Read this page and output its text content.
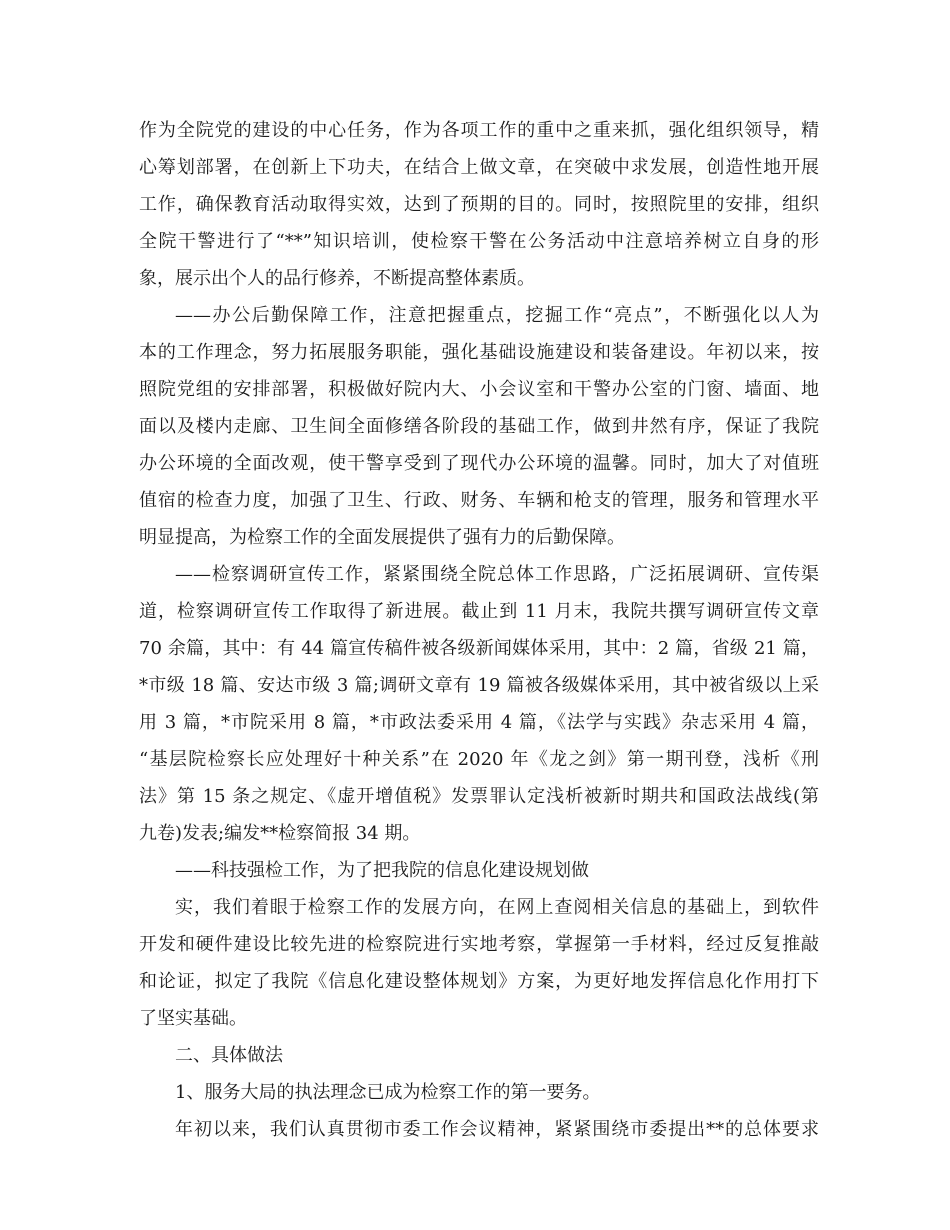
作为全院党的建设的中心任务，作为各项工作的重中之重来抓，强化组织领导，精
心筹划部署，在创新上下功夫，在结合上做文章，在突破中求发展，创造性地开展
工作，确保教育活动取得实效，达到了预期的目的。同时，按照院里的安排，组织
全院干警进行了“**”知识培训，使检察干警在公务活动中注意培养树立自身的形
象，展示出个人的品行修养，不断提高整体素质。
——办公后勤保障工作，注意把握重点，挖掘工作“亮点”，不断强化以人为
本的工作理念，努力拓展服务职能，强化基础设施建设和装备建设。年初以来，按
照院党组的安排部署，积极做好院内大、小会议室和干警办公室的门窗、墙面、地
面以及楼内走廊、卫生间全面修缮各阶段的基础工作，做到井然有序，保证了我院
办公环境的全面改观，使干警享受到了现代办公环境的温馨。同时，加大了对值班
值宿的检查力度，加强了卫生、行政、财务、车辆和枪支的管理，服务和管理水平
明显提高，为检察工作的全面发展提供了强有力的后勤保障。
——检察调研宣传工作，紧紧围绕全院总体工作思路，广泛拓展调研、宣传渠
道，检察调研宣传工作取得了新进展。截止到 11 月末，我院共撰写调研宣传文章
70 余篇，其中：有 44 篇宣传稿件被各级新闻媒体采用，其中：2 篇，省级 21 篇，
*市级 18 篇、安达市级 3 篇;调研文章有 19 篇被各级媒体采用，其中被省级以上采
用 3 篇，*市院采用 8 篇，*市政法委采用 4 篇，《法学与实践》杂志采用 4 篇，
“基层院检察长应处理好十种关系”在 2020 年《龙之剑》第一期刊登，浅析《刑
法》第 15 条之规定、《虚开增值税》发票罪认定浅析被新时期共和国政法战线(第
九卷)发表;编发**检察简报 34 期。
——科技强检工作，为了把我院的信息化建设规划做
实，我们着眼于检察工作的发展方向，在网上查阅相关信息的基础上，到软件
开发和硬件建设比较先进的检察院进行实地考察，掌握第一手材料，经过反复推敲
和论证，拟定了我院《信息化建设整体规划》方案，为更好地发挥信息化作用打下
了坚实基础。
二、具体做法
1、服务大局的执法理念已成为检察工作的第一要务。
年初以来，我们认真贯彻市委工作会议精神，紧紧围绕市委提出**的总体要求
